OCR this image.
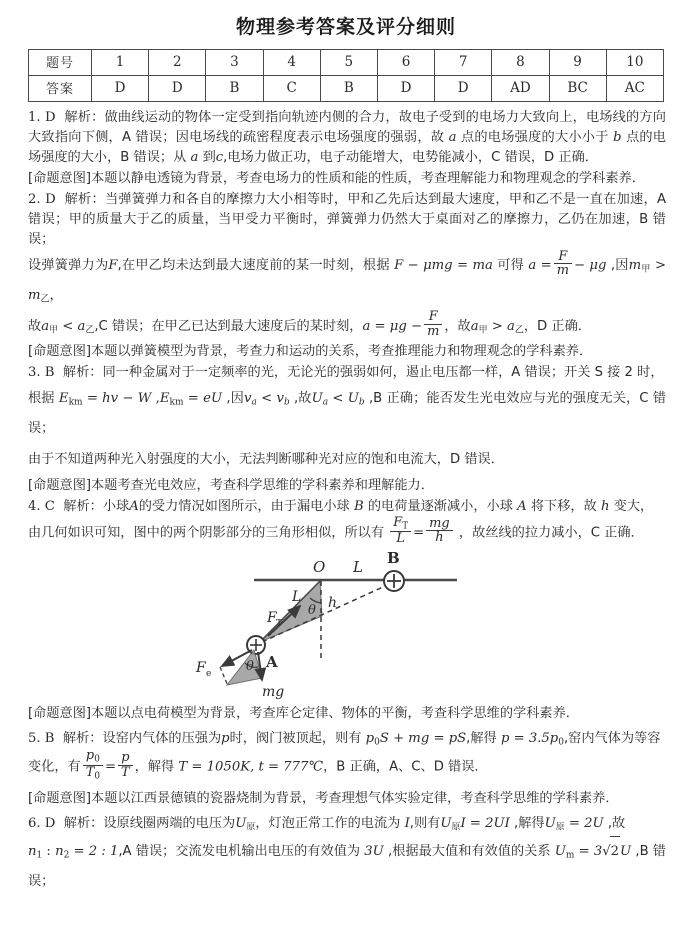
物理参考答案及评分细则
题号	1	2	3	4	5	6	7	8	9	10
答案	D	D	B	C	B	D	D	AD	BC	AC

1. D 解析：做曲线运动的物体一定受到指向轨迹内侧的合力，故电子受到的电场力大致向上，电场线的方向大致指向下侧，A 错误；因电场线的疏密程度表示电场强度的强弱，故 a 点的电场强度的大小小于 b 点的电场强度的大小，B 错误；从 a 到c,电场力做正功，电子动能增大，电势能减小，C 错误，D 正确．

[命题意图]本题以静电透镜为背景，考查电场力的性质和能的性质，考查理解能力和物理观念的学科素养．

2. D 解析：当弹簧弹力和各自的摩擦力大小相等时，甲和乙先后达到最大速度，甲和乙不是一直在加速，A 错误；甲的质量大于乙的质量，当甲受力平衡时，弹簧弹力仍然大于桌面对乙的摩擦力，乙仍在加速，B 错误；

设弹簧弹力为F,在甲乙均未达到最大速度前的某一时刻，根据 F − μmg = ma 可得 $a = \frac{F}{m} - \mu g$ ,因$m_甲 > m_乙$，

故$a_甲 < a_乙,C$ 错误；在甲乙已达到最大速度后的某时刻，$a = \mu g - \frac{F}{m}$ ，故$a_甲 > a_乙$，D 正确．

[命题意图]本题以弹簧模型为背景，考查力和运动的关系，考查推理能力和物理观念的学科素养．

3. B 解析：同一种金属对于一定频率的光，无论光的强弱如何，遏止电压都一样，A 错误；开关 S 接 2 时，

根据 $E_{km}$ = hv − W $,E_{km}$ = eU ,因$v_a < v_b$ ,故$U_a < U_b$ ,B 正确；能否发生光电效应与光的强度无关，C 错误；

由于不知道两种光入射强度的大小，无法判断哪种光对应的饱和电流大，D 错误．

[命题意图]本题考查光电效应，考查科学思维的学科素养和理解能力．

4. C 解析：小球A的受力情况如图所示，由于漏电小球 B 的电荷量逐渐减小，小球 A 将下移，故 h 变大，

由几何如识可知，图中的两个阴影部分的三角形相似，所以有 $\frac{F_T}{L} = \frac{mg}{h}$ ，故丝线的拉力减小，C 正确．

O L B
L h
θ
F T
F e	θ A
mg

[命题意图]本题以点电荷模型为背景，考查库仑定律、物体的平衡，考查科学思维的学科素养．

5. B 解析：设窑内气体的压强为p时，阀门被顶起，则有 $p_0S$ + mg = pS,解得 $p = 3.5p_0$,窑内气体为等容

变化，有 $\frac{p_0}{T_0} = \frac{p}{T}$ ，解得 T = 1050K, t = 777℃，B 正确，A、C、D 错误．

[命题意图]本题以江西景德镇的瓷器烧制为背景，考查理想气体实验定律，考查科学思维的学科素养．

6. D 解析：设原线圈两端的电压为$U_原$，灯泡正常工作的电流为 I,则有$U_原I = 2UI$ ,解得$U_原 = 2U$ ,故

$n_1$ : $n_2 = 2$ : 1,A 错误；交流发电机输出电压的有效值为 3U ,根据最大值和有效值的关系 $U_m = 3√2U$ ,B 错误；
